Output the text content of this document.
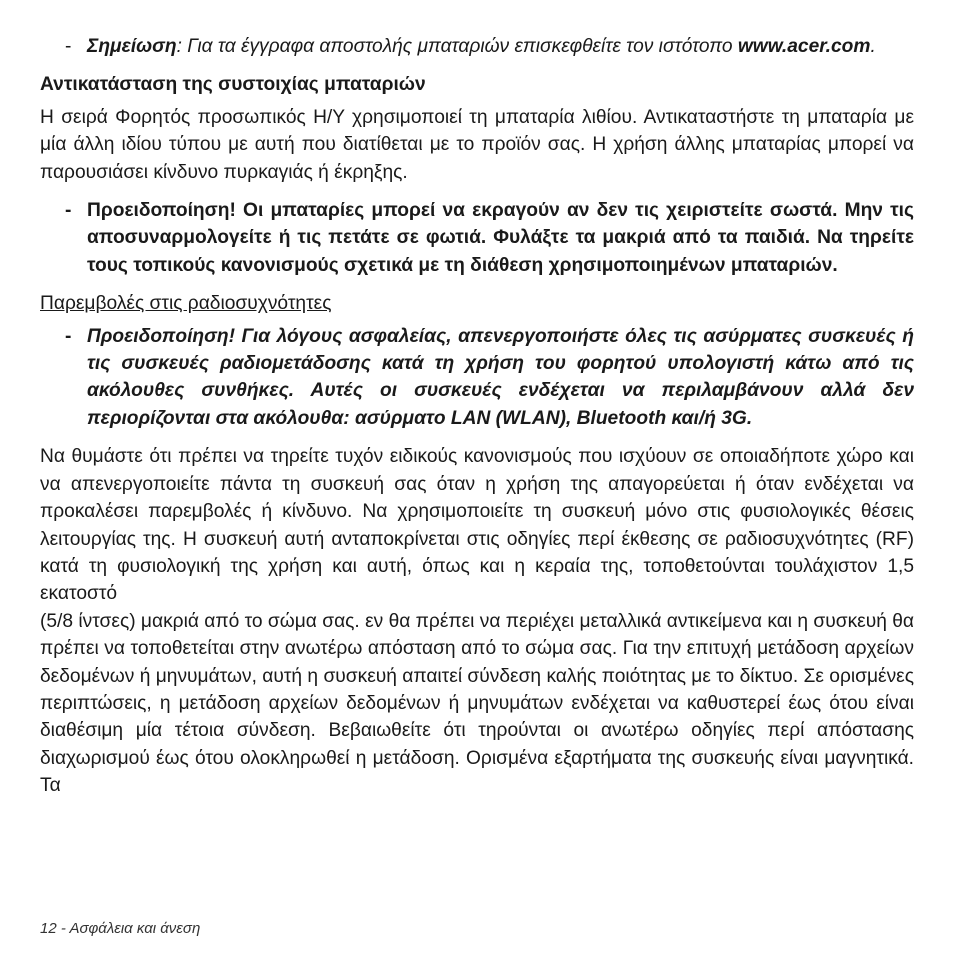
- Σημείωση: Για τα έγγραφα αποστολής μπαταριών επισκεφθείτε τον ιστότοπο www.acer.com.
Αντικατάσταση της συστοιχίας μπαταριών

Η σειρά Φορητός προσωπικός Η/Υ χρησιμοποιεί τη μπαταρία λιθίου. Αντικαταστήστε τη μπαταρία με μία άλλη ιδίου τύπου με αυτή που διατίθεται με το προϊόν σας. Η χρήση άλλης μπαταρίας μπορεί να παρουσιάσει κίνδυνο πυρκαγιάς ή έκρηξης.

- Προειδοποίηση! Οι μπαταρίες μπορεί να εκραγούν αν δεν τις χειριστείτε σωστά. Μην τις αποσυναρμολογείτε ή τις πετάτε σε φωτιά. Φυλάξτε τα μακριά από τα παιδιά. Να τηρείτε τους τοπικούς κανονισμούς σχετικά με τη διάθεση χρησιμοποιημένων μπαταριών.
Παρεμβολές στις ραδιοσυχνότητες
- Προειδοποίηση! Για λόγους ασφαλείας, απενεργοποιήστε όλες τις ασύρματες συσκευές ή τις συσκευές ραδιομετάδοσης κατά τη χρήση του φορητού υπολογιστή κάτω από τις ακόλουθες συνθήκες. Αυτές οι συσκευές ενδέχεται να περιλαμβάνουν αλλά δεν περιορίζονται στα ακόλουθα: ασύρματο LAN (WLAN), Bluetooth και/ή 3G.

Να θυμάστε ότι πρέπει να τηρείτε τυχόν ειδικούς κανονισμούς που ισχύουν σε οποιαδήποτε χώρο και να απενεργοποιείτε πάντα τη συσκευή σας όταν η χρήση της απαγορεύεται ή όταν ενδέχεται να προκαλέσει παρεμβολές ή κίνδυνο. Να χρησιμοποιείτε τη συσκευή μόνο στις φυσιολογικές θέσεις λειτουργίας της. Η συσκευή αυτή ανταποκρίνεται στις οδηγίες περί έκθεσης σε ραδιοσυχνότητες (RF) κατά τη φυσιολογική της χρήση και αυτή, όπως και η κεραία της, τοποθετούνται τουλάχιστον 1,5 εκατοστό
(5/8 ίντσες) μακριά από το σώμα σας. εν θα πρέπει να περιέχει μεταλλικά αντικείμενα και η συσκευή θα πρέπει να τοποθετείται στην ανωτέρω απόσταση από το σώμα σας. Για την επιτυχή μετάδοση αρχείων δεδομένων ή μηνυμάτων, αυτή η συσκευή απαιτεί σύνδεση καλής ποιότητας με το δίκτυο. Σε ορισμένες περιπτώσεις, η μετάδοση αρχείων δεδομένων ή μηνυμάτων ενδέχεται να καθυστερεί έως ότου είναι διαθέσιμη μία τέτοια σύνδεση. Βεβαιωθείτε ότι τηρούνται οι ανωτέρω οδηγίες περί απόστασης διαχωρισμού έως ότου ολοκληρωθεί η μετάδοση. Ορισμένα εξαρτήματα της συσκευής είναι μαγνητικά. Τα

12 - Ασφάλεια και άνεση
